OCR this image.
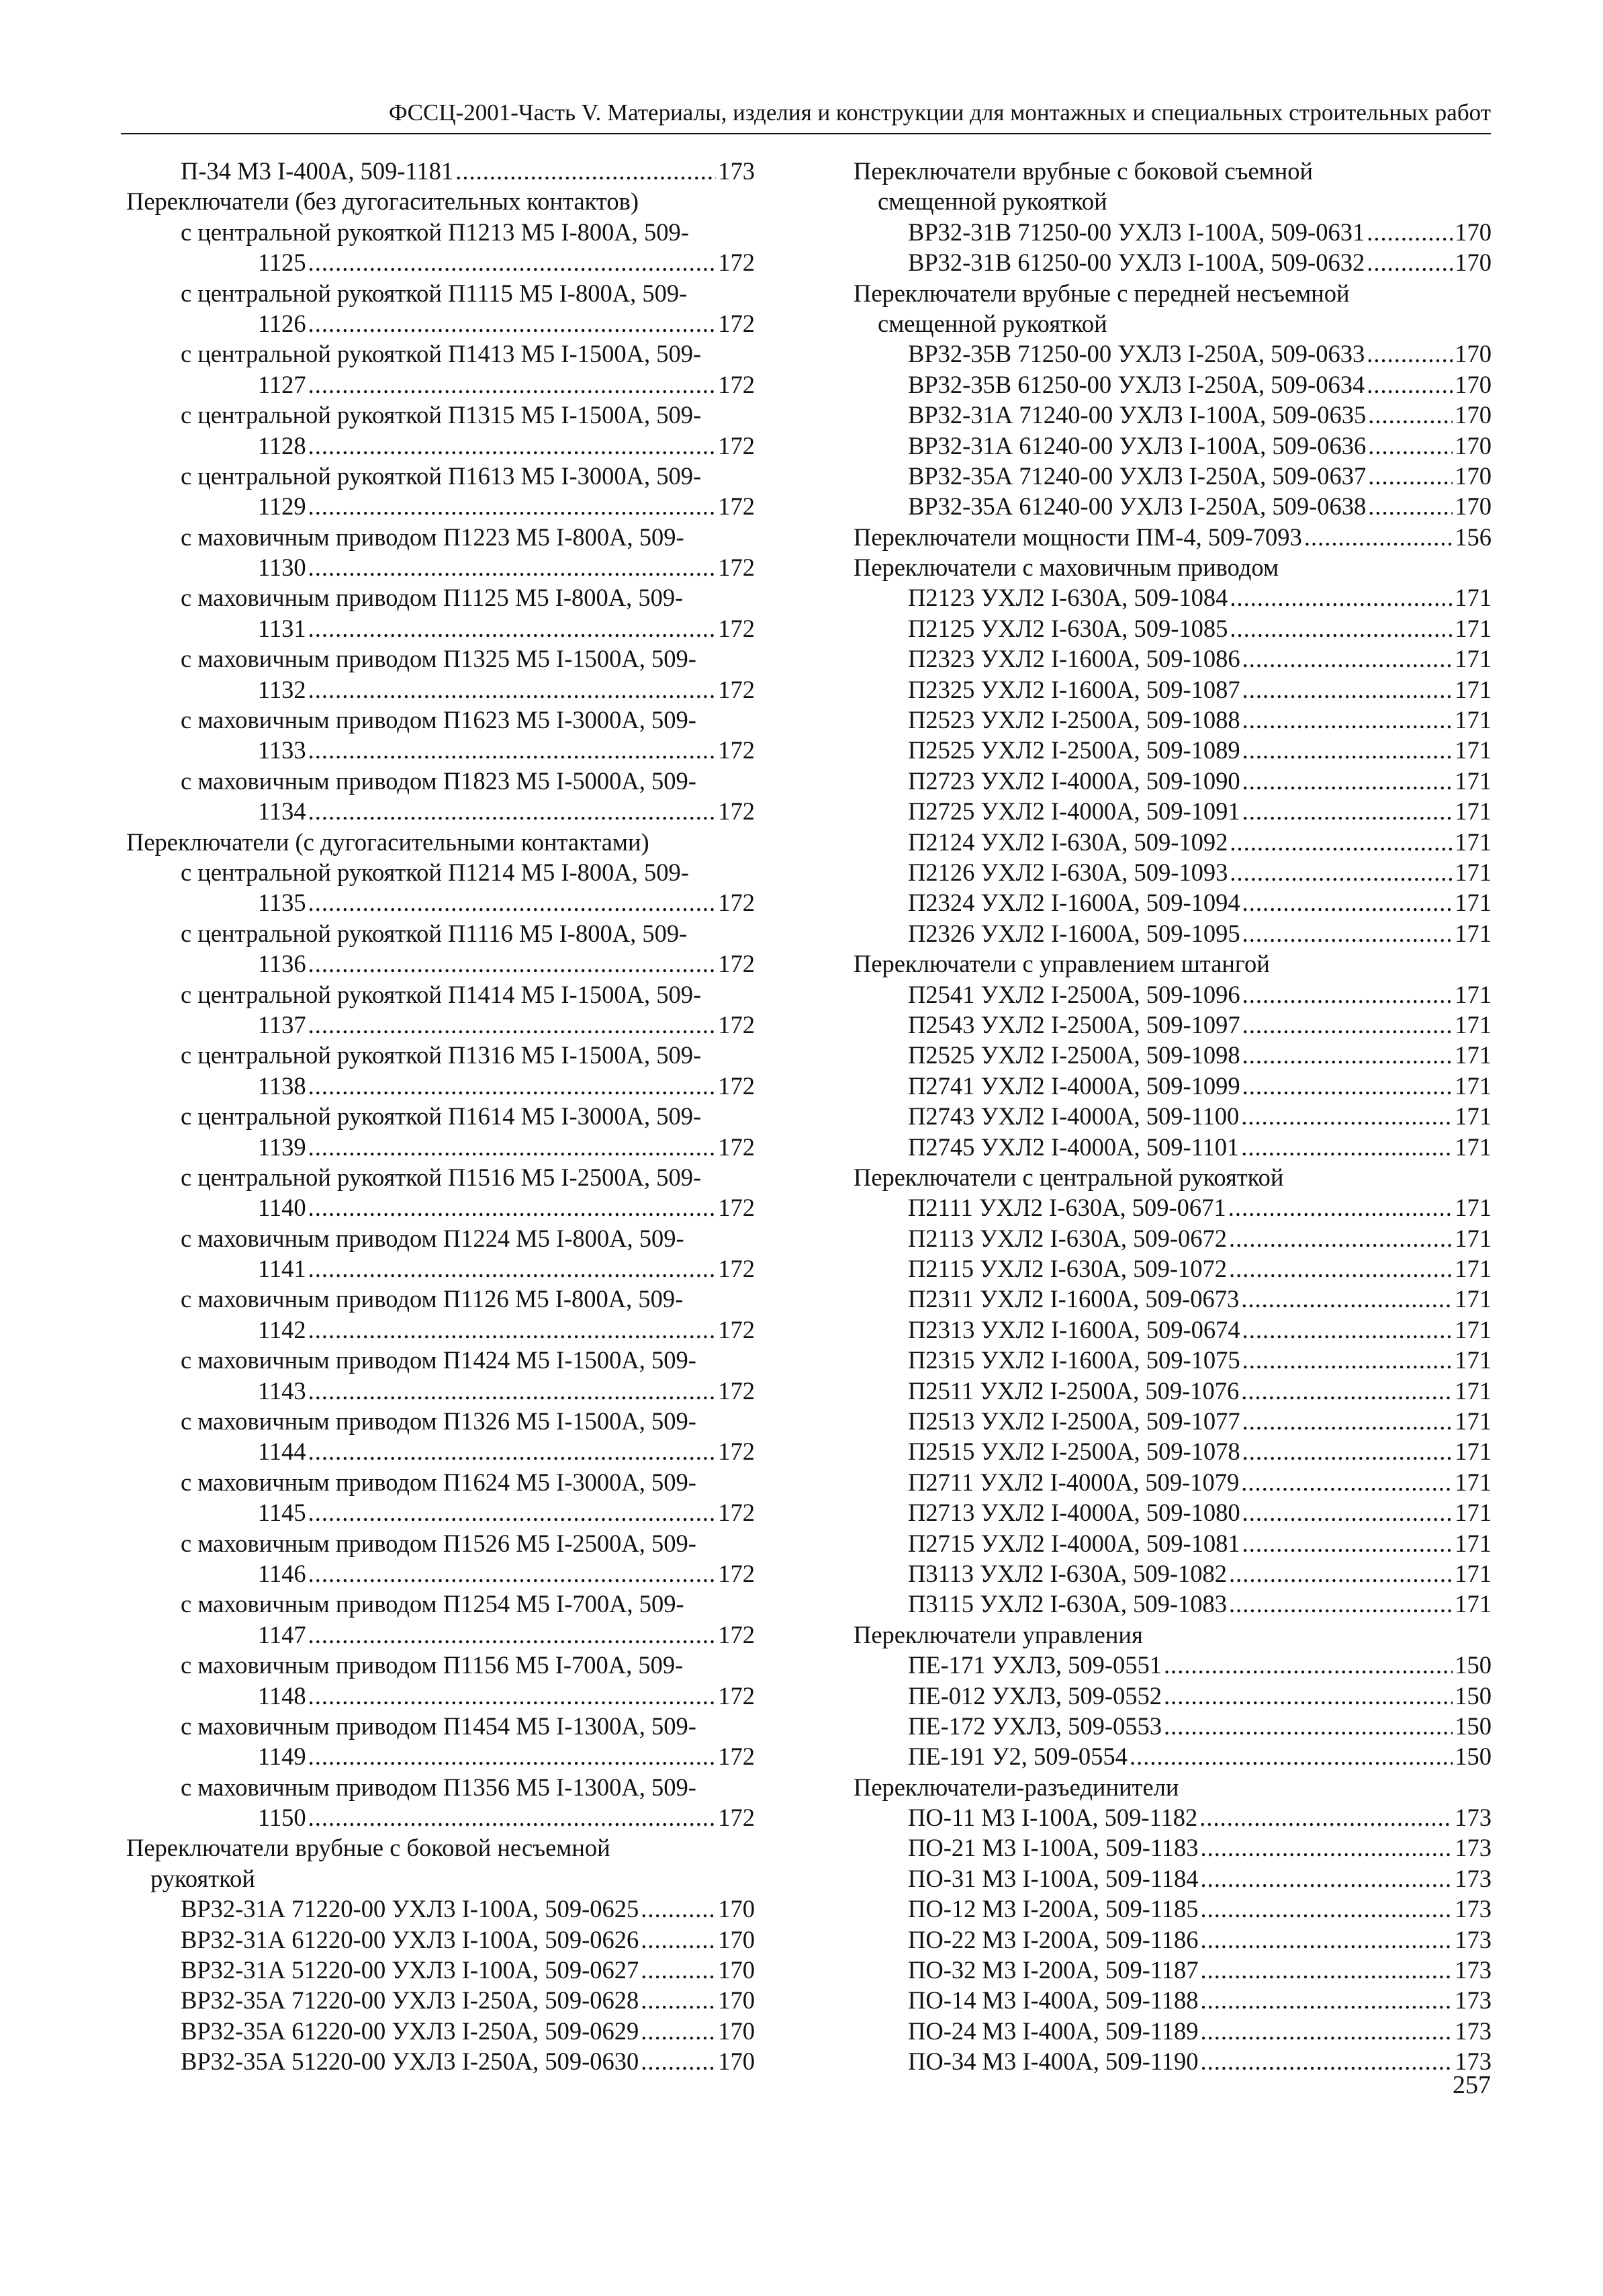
ФССЦ-2001-Часть V. Материалы, изделия и конструкции для монтажных и специальных строительных работ
П-34 М3 I-400А, 509-1181 .....	173
Переключатели (без дугогасительных контактов)
с центральной рукояткой П1213 М5 I-800А, 509-
1125 .....	172
с центральной рукояткой П1115 М5 I-800А, 509-
1126 .....	172
с центральной рукояткой П1413 М5 I-1500А, 509-
1127 .....	172
с центральной рукояткой П1315 М5 I-1500А, 509-
1128 .....	172
с центральной рукояткой П1613 М5 I-3000А, 509-
1129 .....	172
с маховичным приводом П1223 М5 I-800А, 509-
1130 .....	172
с маховичным приводом П1125 М5 I-800А, 509-
1131 .....	172
с маховичным приводом П1325 М5 I-1500А, 509-
1132 .....	172
с маховичным приводом П1623 М5 I-3000А, 509-
1133 .....	172
с маховичным приводом П1823 М5 I-5000А, 509-
1134 .....	172
Переключатели (с дугогасительными контактами)
с центральной рукояткой П1214 М5 I-800А, 509-
1135 .....	172
с центральной рукояткой П1116 М5 I-800А, 509-
1136 .....	172
с центральной рукояткой П1414 М5 I-1500А, 509-
1137 .....	172
с центральной рукояткой П1316 М5 I-1500А, 509-
1138 .....	172
с центральной рукояткой П1614 М5 I-3000А, 509-
1139 .....	172
с центральной рукояткой П1516 М5 I-2500А, 509-
1140 .....	172
с маховичным приводом П1224 М5 I-800А, 509-
1141 .....	172
с маховичным приводом П1126 М5 I-800А, 509-
1142 .....	172
с маховичным приводом П1424 М5 I-1500А, 509-
1143 .....	172
с маховичным приводом П1326 М5 I-1500А, 509-
1144 .....	172
с маховичным приводом П1624 М5 I-3000А, 509-
1145 .....	172
с маховичным приводом П1526 М5 I-2500А, 509-
1146 .....	172
с маховичным приводом П1254 М5 I-700А, 509-
1147 .....	172
с маховичным приводом П1156 М5 I-700А, 509-
1148 .....	172
с маховичным приводом П1454 М5 I-1300А, 509-
1149 .....	172
с маховичным приводом П1356 М5 I-1300А, 509-
1150 .....	172
Переключатели врубные с боковой несъемной
рукояткой
ВР32-31А 71220-00 УХЛ3 I-100А, 509-0625 .....	170
ВР32-31А 61220-00 УХЛ3 I-100А, 509-0626 .....	170
ВР32-31А 51220-00 УХЛ3 I-100А, 509-0627 .....	170
ВР32-35А 71220-00 УХЛ3 I-250А, 509-0628 .....	170
ВР32-35А 61220-00 УХЛ3 I-250А, 509-0629 .....	170
ВР32-35А 51220-00 УХЛ3 I-250А, 509-0630 .....	170
Переключатели врубные с боковой съемной
смещенной рукояткой
ВР32-31В 71250-00 УХЛ3 I-100А, 509-0631 .....	170
ВР32-31В 61250-00 УХЛ3 I-100А, 509-0632 .....	170
Переключатели врубные с передней несъемной
смещенной рукояткой
ВР32-35В 71250-00 УХЛ3 I-250А, 509-0633 .....	170
ВР32-35В 61250-00 УХЛ3 I-250А, 509-0634 .....	170
ВР32-31А 71240-00 УХЛ3 I-100А, 509-0635 .....	170
ВР32-31А 61240-00 УХЛ3 I-100А, 509-0636 .....	170
ВР32-35А 71240-00 УХЛ3 I-250А, 509-0637 .....	170
ВР32-35А 61240-00 УХЛ3 I-250А, 509-0638 .....	170
Переключатели мощности ПМ-4, 509-7093 .....	156
Переключатели с маховичным приводом
П2123 УХЛ2 I-630А, 509-1084 .....	171
П2125 УХЛ2 I-630А, 509-1085 .....	171
П2323 УХЛ2 I-1600А, 509-1086 .....	171
П2325 УХЛ2 I-1600А, 509-1087 .....	171
П2523 УХЛ2 I-2500А, 509-1088 .....	171
П2525 УХЛ2 I-2500А, 509-1089 .....	171
П2723 УХЛ2 I-4000А, 509-1090 .....	171
П2725 УХЛ2 I-4000А, 509-1091 .....	171
П2124 УХЛ2 I-630А, 509-1092 .....	171
П2126 УХЛ2 I-630А, 509-1093 .....	171
П2324 УХЛ2 I-1600А, 509-1094 .....	171
П2326 УХЛ2 I-1600А, 509-1095 .....	171
Переключатели с управлением штангой
П2541 УХЛ2 I-2500А, 509-1096 .....	171
П2543 УХЛ2 I-2500А, 509-1097 .....	171
П2525 УХЛ2 I-2500А, 509-1098 .....	171
П2741 УХЛ2 I-4000А, 509-1099 .....	171
П2743 УХЛ2 I-4000А, 509-1100 .....	171
П2745 УХЛ2 I-4000А, 509-1101 .....	171
Переключатели с центральной рукояткой
П2111 УХЛ2 I-630А, 509-0671 .....	171
П2113 УХЛ2 I-630А, 509-0672 .....	171
П2115 УХЛ2 I-630А, 509-1072 .....	171
П2311 УХЛ2 I-1600А, 509-0673 .....	171
П2313 УХЛ2 I-1600А, 509-0674 .....	171
П2315 УХЛ2 I-1600А, 509-1075 .....	171
П2511 УХЛ2 I-2500А, 509-1076 .....	171
П2513 УХЛ2 I-2500А, 509-1077 .....	171
П2515 УХЛ2 I-2500А, 509-1078 .....	171
П2711 УХЛ2 I-4000А, 509-1079 .....	171
П2713 УХЛ2 I-4000А, 509-1080 .....	171
П2715 УХЛ2 I-4000А, 509-1081 .....	171
П3113 УХЛ2 I-630А, 509-1082 .....	171
П3115 УХЛ2 I-630А, 509-1083 .....	171
Переключатели управления
ПЕ-171 УХЛ3, 509-0551 .....	150
ПЕ-012 УХЛ3, 509-0552 .....	150
ПЕ-172 УХЛ3, 509-0553 .....	150
ПЕ-191 У2, 509-0554 .....	150
Переключатели-разъединители
ПО-11 М3 I-100А, 509-1182 .....	173
ПО-21 М3 I-100А, 509-1183 .....	173
ПО-31 М3 I-100А, 509-1184 .....	173
ПО-12 М3 I-200А, 509-1185 .....	173
ПО-22 М3 I-200А, 509-1186 .....	173
ПО-32 М3 I-200А, 509-1187 .....	173
ПО-14 М3 I-400А, 509-1188 .....	173
ПО-24 М3 I-400А, 509-1189 .....	173
ПО-34 М3 I-400А, 509-1190 .....	173
257
